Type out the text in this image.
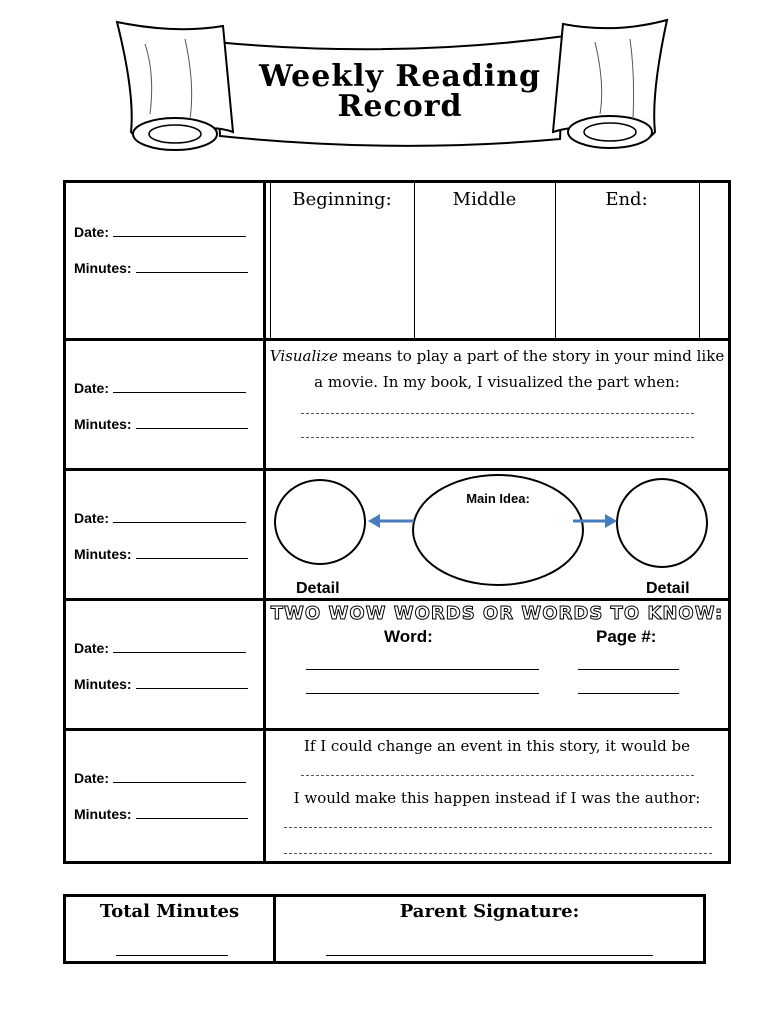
Weekly Reading
Record
Date:
Minutes:
Beginning:	Middle	End:
Date:
Minutes:
Visualize means to play a part of the story in your mind like
a movie. In my book, I visualized the part when:
Date:
Minutes:
Main Idea:
Detail	Detail
Date:
Minutes:
TWO WOW WORDS OR WORDS TO KNOW:
Word:	Page #:
Date:
Minutes:
If I could change an event in this story, it would be
I would make this happen instead if I was the author:
Total Minutes	Parent Signature:
